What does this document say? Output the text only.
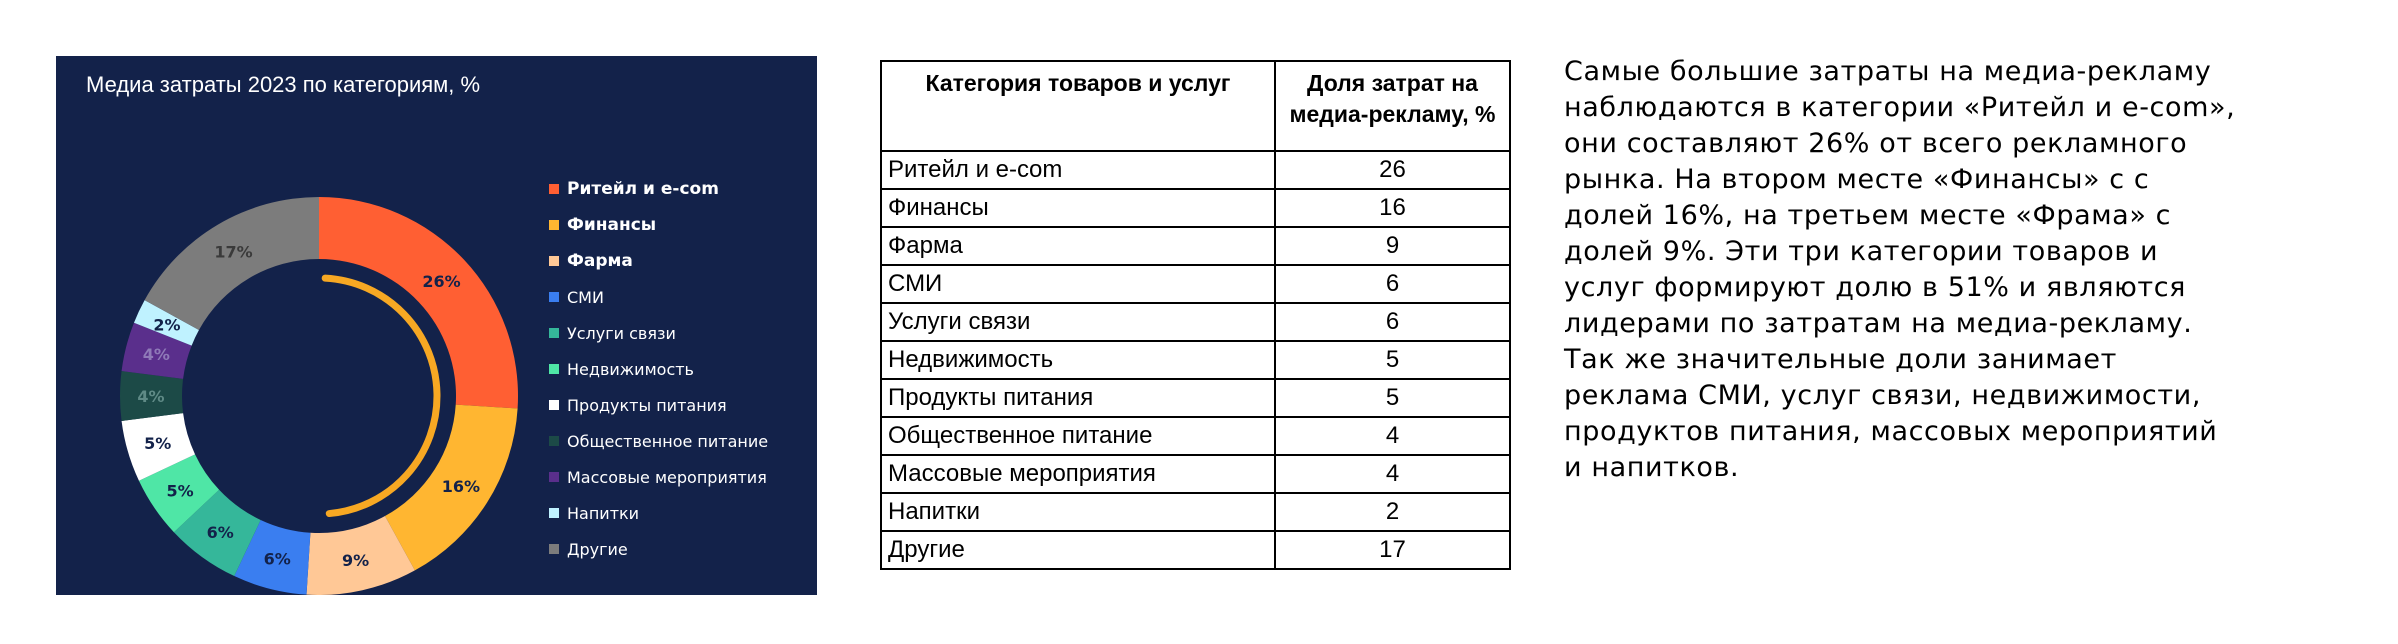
26%
16%
9%
6%
6%
5%
5%
4%
4%
2%
17%
Медиа затраты 2023 по категориям, %
Ритейл и e-com
Финансы
Фарма
СМИ
Услуги связи
Недвижимость
Продукты питания
Общественное питание
Массовые мероприятия
Напитки
Другие
Категория товаров и услуг	Доля затрат на медиа-рекламу, %
Ритейл и e-com	26
Финансы	16
Фарма	9
СМИ	6
Услуги связи	6
Недвижимость	5
Продукты питания	5
Общественное питание	4
Массовые мероприятия	4
Напитки	2
Другие	17
Самые большие затраты на медиа-рекламу
наблюдаются в категории «Ритейл и e-com»,
они составляют 26% от всего рекламного
рынка. На втором месте «Финансы» с с
долей 16%, на третьем месте «Фрама» с
долей 9%. Эти три категории товаров и
услуг формируют долю в 51% и являются
лидерами по затратам на медиа-рекламу.
Так же значительные доли занимает
реклама СМИ, услуг связи, недвижимости,
продуктов питания, массовых мероприятий
и напитков.
